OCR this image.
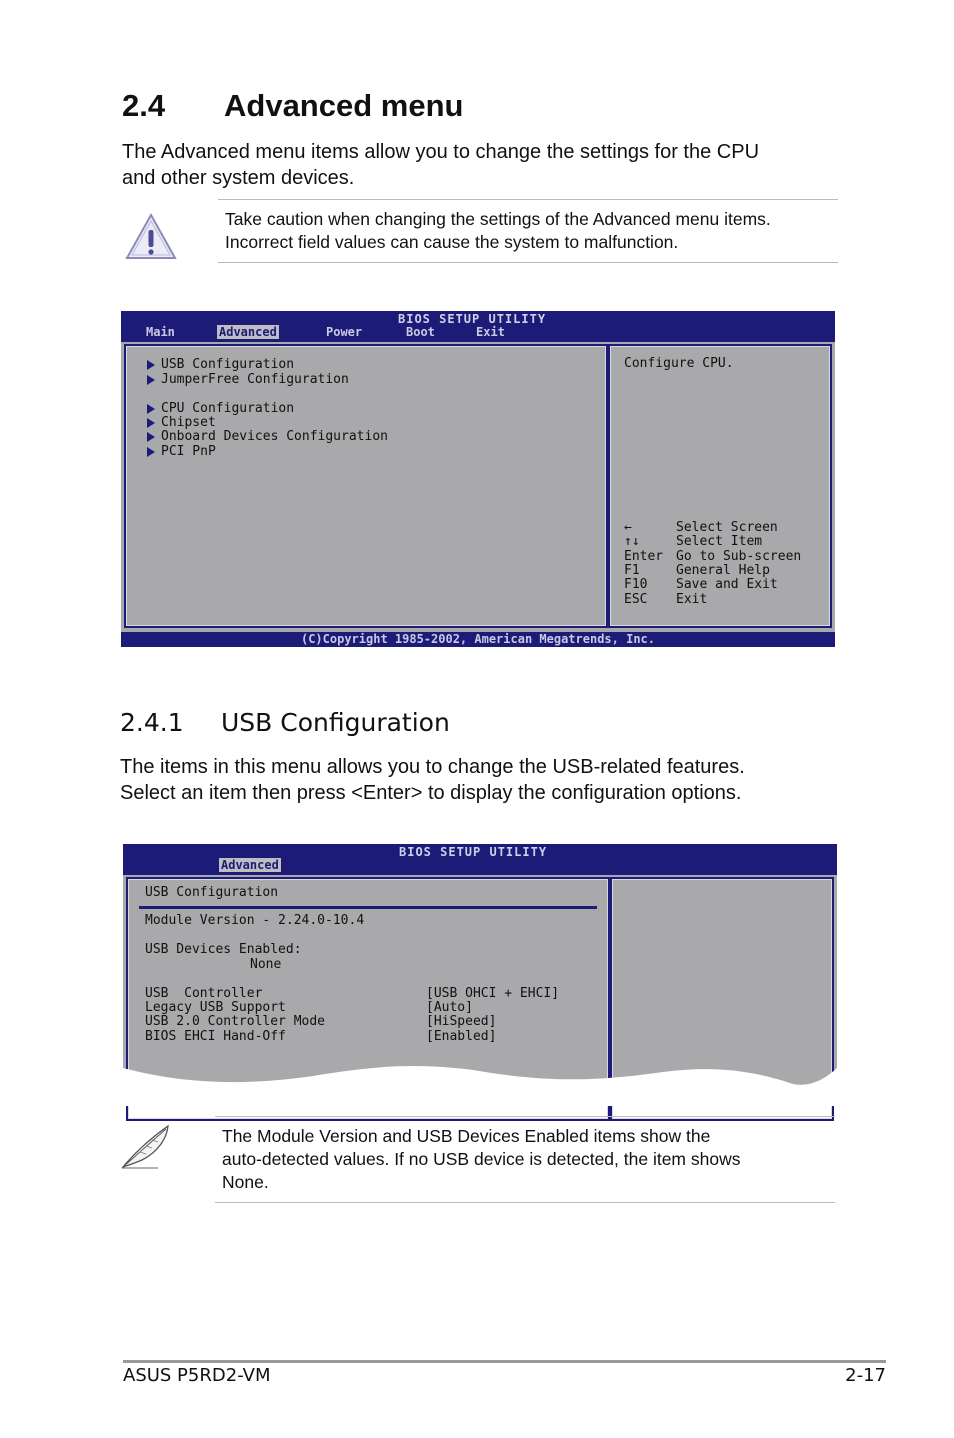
2.4 Advanced menu
The Advanced menu items allow you to change the settings for the CPU
and other system devices.
Take caution when changing the settings of the Advanced menu items.
Incorrect field values can cause the system to malfunction.
BIOS SETUP UTILITY
Main	Advanced	Power	Boot	Exit
USB Configuration
JumperFree Configuration
CPU Configuration
Chipset
Onboard Devices Configuration
PCI PnP
Configure CPU.
←	Select Screen
↑↓	Select Item
Enter Go to Sub-screen
F1	General Help
F10 Save and Exit
ESC Exit
(C)Copyright 1985-2002, American Megatrends, Inc.
2.4.1 USB Configuration
The items in this menu allows you to change the USB-related features.
Select an item then press <Enter> to display the configuration options.
BIOS SETUP UTILITY
Advanced
USB Configuration
Module Version - 2.24.0-10.4
USB Devices Enabled:
None
USB  Controller	[USB OHCI + EHCI]
Legacy USB Support	[Auto]
USB 2.0 Controller Mode	[HiSpeed]
BIOS EHCI Hand-Off	[Enabled]
The Module Version and USB Devices Enabled items show the
auto-detected values. If no USB device is detected, the item shows
None.
ASUS P5RD2-VM	2-17
